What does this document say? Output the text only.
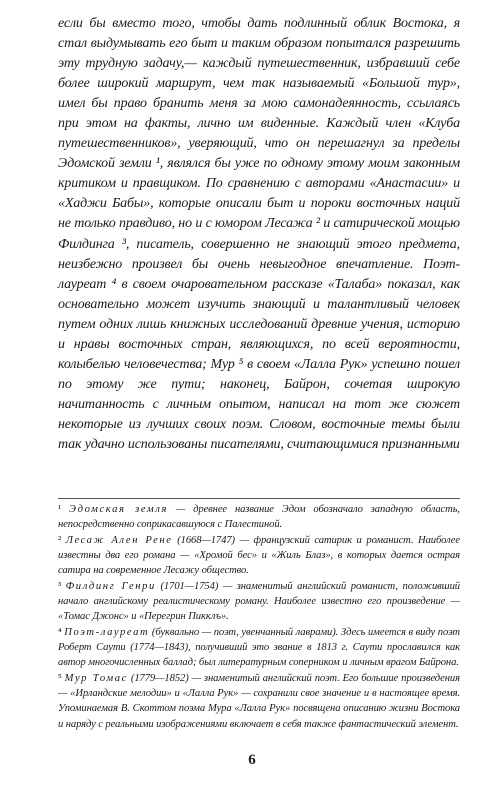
если бы вместо того, чтобы дать подлинный облик Востока, я стал выдумывать его быт и таким образом попытался разрешить эту трудную задачу,— каждый путешественник, избравший себе более широкий маршрут, чем так называемый «Большой тур», имел бы право бранить меня за мою самонадеянность, ссылаясь при этом на факты, лично им виденные. Каждый член «Клуба путешественников», уверяющий, что он перешагнул за пределы Эдомской земли ¹, являлся бы уже по одному этому моим законным критиком и правщиком. По сравнению с авторами «Анастасии» и «Хаджи Бабы», которые описали быт и пороки восточных наций не только правдиво, но и с юмором Лесажа ² и сатирической мощью Филдинга ³, писатель, совершенно не знающий этого предмета, неизбежно произвел бы очень невыгодное впечатление. Поэт-лауреат ⁴ в своем очаровательном рассказе «Талаба» показал, как основательно может изучить знающий и талантливый человек путем одних лишь книжных исследований древние учения, историю и нравы восточных стран, являющихся, по всей вероятности, колыбелью человечества; Мур ⁵ в своем «Лалла Рук» успешно пошел по этому же пути; наконец, Байрон, сочетая широкую начитанность с личным опытом, написал на тот же сюжет некоторые из лучших своих поэм. Словом, восточные темы были так удачно использованы писателями, считающимися признанными

¹ Эдомская земля — древнее название Эдом обозначало западную область, непосредственно соприкасавшуюся с Палестиной.

² Лесаж Ален Рене (1668—1747) — французский сатирик и романист. Наиболее известны два его романа — «Хромой бес» и «Жиль Блаз», в которых дается острая сатира на современное Лесажу общество.

³ Филдинг Генри (1701—1754) — знаменитый английский романист, положивший начало английскому реалистическому роману. Наиболее известно его произведение — «Томас Джонс» и «Перегрин Пикклъ».

⁴ Поэт-лауреат (буквально — поэт, увенчанный лаврами). Здесь имеется в виду поэт Роберт Саути (1774—1843), получивший это звание в 1813 г. Саути прославился как автор многочисленных баллад; был литературным соперником и личным врагом Байрона.

⁵ Мур Томас (1779—1852) — знаменитый английский поэт. Его большие произведения — «Ирландские мелодии» и «Лалла Рук» — сохранили свое значение и в настоящее время. Упоминаемая В. Скоттом поэма Мура «Лалла Рук» посвящена описанию жизни Востока и наряду с реальными изображениями включает в себя также фантастический элемент.

6
